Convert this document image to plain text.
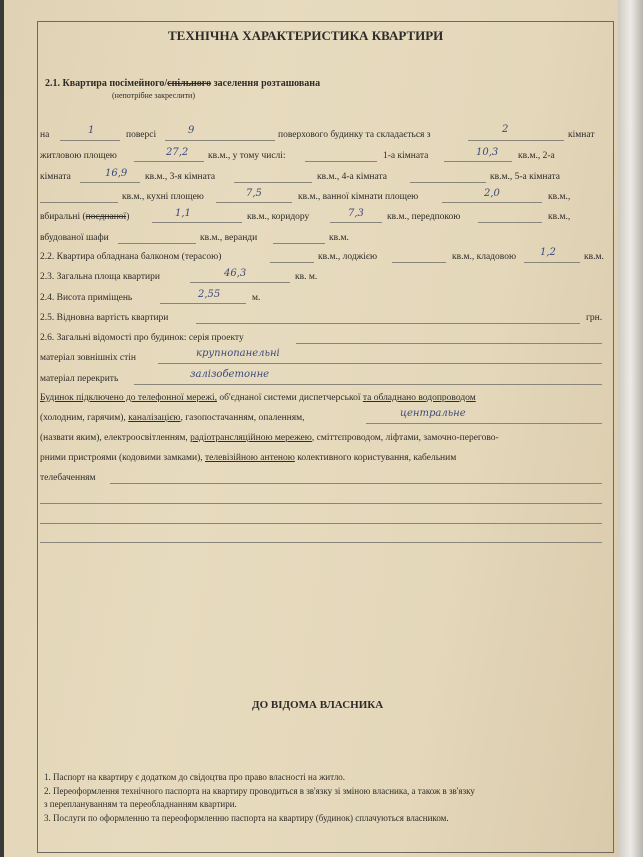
ТЕХНІЧНА ХАРАКТЕРИСТИКА КВАРТИРИ
2.1. Квартира посімейного/спільного заселення розташована
(непотрібне закреслити)
на	1	поверсі	9	поверхового будинку та складається з	2	кімнат
житловою площею	27,2 кв.м., у тому числі:	1-а кімната	10,3 кв.м., 2-а
кімната	16,9 кв.м., 3-я кімната	кв.м., 4-а кімната	кв.м., 5-а кімната
кв.м., кухні площею	7,5	кв.м., ванної кімнати площею	2,0	кв.м.,
вбиральні (поєднаної)	1,1	кв.м., коридору	7,3 кв.м., передпокою	кв.м.,
вбудованої шафи	кв.м., веранди	кв.м.
2.2. Квартира обладнана балконом (терасою)	кв.м., лоджією	кв.м., кладовою 1,2	кв.м.
2.3. Загальна площа квартири	46,3	кв. м.
2.4. Висота приміщень	2,55	м.
2.5. Відновна вартість квартири	грн.
2.6. Загальні відомості про будинок: серія проекту
матеріал зовнішніх стін	крупнопанельні
матеріал перекрить	залізобетонне
Будинок підключено до телефонної мережі, об'єднаної системи диспетчерської та обладнано водопроводом
(холодним, гарячим), каналізацією, газопостачанням, опаленням,	центральне
(назвати яким), електроосвітленням, радіотрансляційною мережею, сміттєпроводом, ліфтами, замочно-перегово-
рними пристроями (кодовими замками), телевізійною антеною колективного користування, кабельним
телебаченням
ДО ВІДОМА ВЛАСНИКА
1. Паспорт на квартиру є додатком до свідоцтва про право власності на житло.
2. Переоформлення технічного паспорта на квартиру проводиться в зв'язку зі зміною власника, а також в зв'язку
з переплануванням та переобладнанням квартири.
3. Послуги по оформленню та переоформленню паспорта на квартиру (будинок) сплачуються власником.
